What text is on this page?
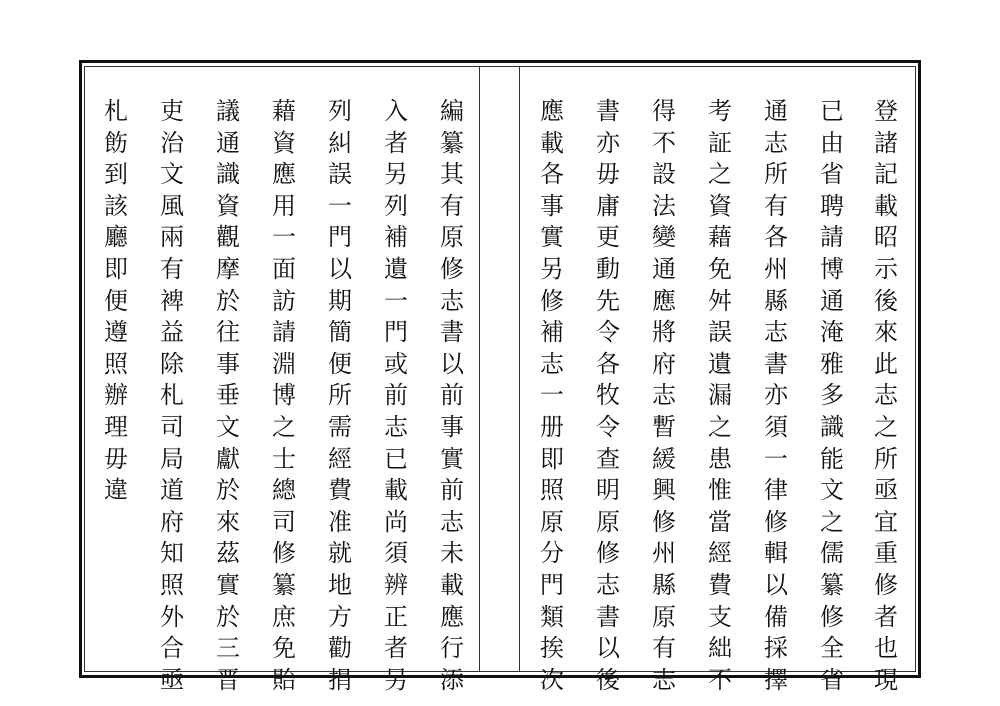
登
諸
記
載
昭
示
後
來
此
志
之
所
亟
宜
重
修
者
也
現

已
由
省
聘
請
博
通
淹
雅
多
識
能
文
之
儒
纂
修
全
省

通
志
所
有
各
州
縣
志
書
亦
須
一
律
修
輯
以
備
採
擇

考
証
之
資
藉
免
舛
誤
遺
漏
之
患
惟
當
經
費
支
絀
不

得
不
設
法
變
通
應
將
府
志
暫
緩
興
修
州
縣
原
有
志

書
亦
毋
庸
更
動
先
令
各
牧
令
查
明
原
修
志
書
以
後

應
載
各
事
實
另
修
補
志
一
册
即
照
原
分
門
類
挨
次

編
纂
其
有
原
修
志
書
以
前
事
實
前
志
未
載
應
行
添

入
者
另
列
補
遺
一
門
或
前
志
已
載
尚
須
辨
正
者
另

列
糾
誤
一
門
以
期
簡
便
所
需
經
費
准
就
地
方
勸
捐

藉
資
應
用
一
面
訪
請
淵
博
之
士
總
司
修
纂
庶
免
貽

議
通
識
資
觀
摩
於
往
事
垂
文
獻
於
來
茲
實
於
三
晋

吏
治
文
風
兩
有
裨
益
除
札
司
局
道
府
知
照
外
合
亟

札
飭
到
該
廳
即
便
遵
照
辦
理
毋
違
